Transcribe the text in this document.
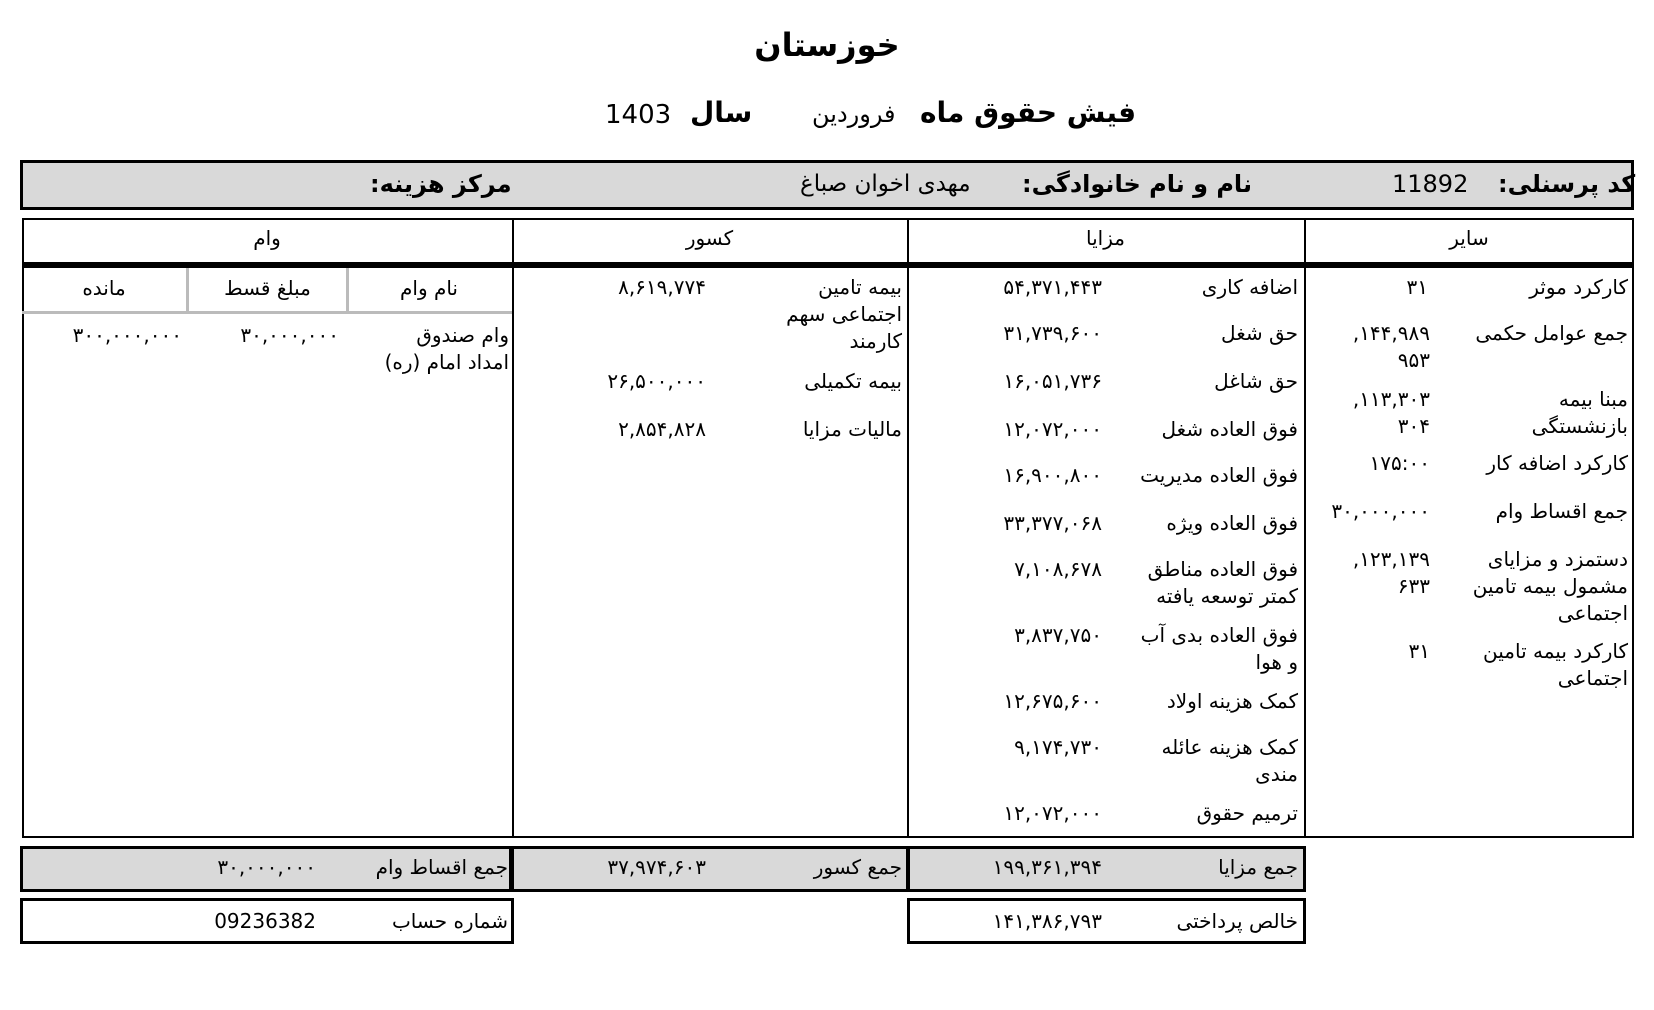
خوزستان
فیش حقوق ماه
فروردین
سال
1403
کد پرسنلی:
11892
نام و نام خانوادگی:
مهدی اخوان صباغ
مرکز هزینه:
سایر
مزایا
کسور
وام
نام وام
مبلغ قسط
مانده	کارکرد موثر
۳۱
جمع عوامل حکمی
۱۴۴,۹۸۹,
۹۵۳
مبنا بیمه
بازنشستگی
۱۱۳,۳۰۳,
۳۰۴
کارکرد اضافه کار
۱۷۵:۰۰
جمع اقساط وام
۳۰,۰۰۰,۰۰۰
دستمزد و مزایای
مشمول بیمه تامین
اجتماعی
۱۲۳,۱۳۹,
۶۳۳
کارکرد بیمه تامین
اجتماعی
۳۱
اضافه کاری
۵۴,۳۷۱,۴۴۳
حق شغل
۳۱,۷۳۹,۶۰۰
حق شاغل
۱۶,۰۵۱,۷۳۶
فوق العاده شغل
۱۲,۰۷۲,۰۰۰
فوق العاده مدیریت
۱۶,۹۰۰,۸۰۰
فوق العاده ویژه
۳۳,۳۷۷,۰۶۸
فوق العاده مناطق
کمتر توسعه یافته
۷,۱۰۸,۶۷۸
فوق العاده بدی آب
و هوا
۳,۸۳۷,۷۵۰
کمک هزینه اولاد
۱۲,۶۷۵,۶۰۰
کمک هزینه عائله
مندی
۹,۱۷۴,۷۳۰
ترمیم حقوق
۱۲,۰۷۲,۰۰۰
بیمه تامین
اجتماعی سهم
کارمند
۸,۶۱۹,۷۷۴
بیمه تکمیلی
۲۶,۵۰۰,۰۰۰
مالیات مزایا
۲,۸۵۴,۸۲۸
وام صندوق
امداد امام (ره)
۳۰,۰۰۰,۰۰۰
۳۰۰,۰۰۰,۰۰۰
جمع مزایا
۱۹۹,۳۶۱,۳۹۴
جمع کسور
۳۷,۹۷۴,۶۰۳
جمع اقساط وام
۳۰,۰۰۰,۰۰۰
خالص پرداختی
۱۴۱,۳۸۶,۷۹۳
شماره حساب
09236382
